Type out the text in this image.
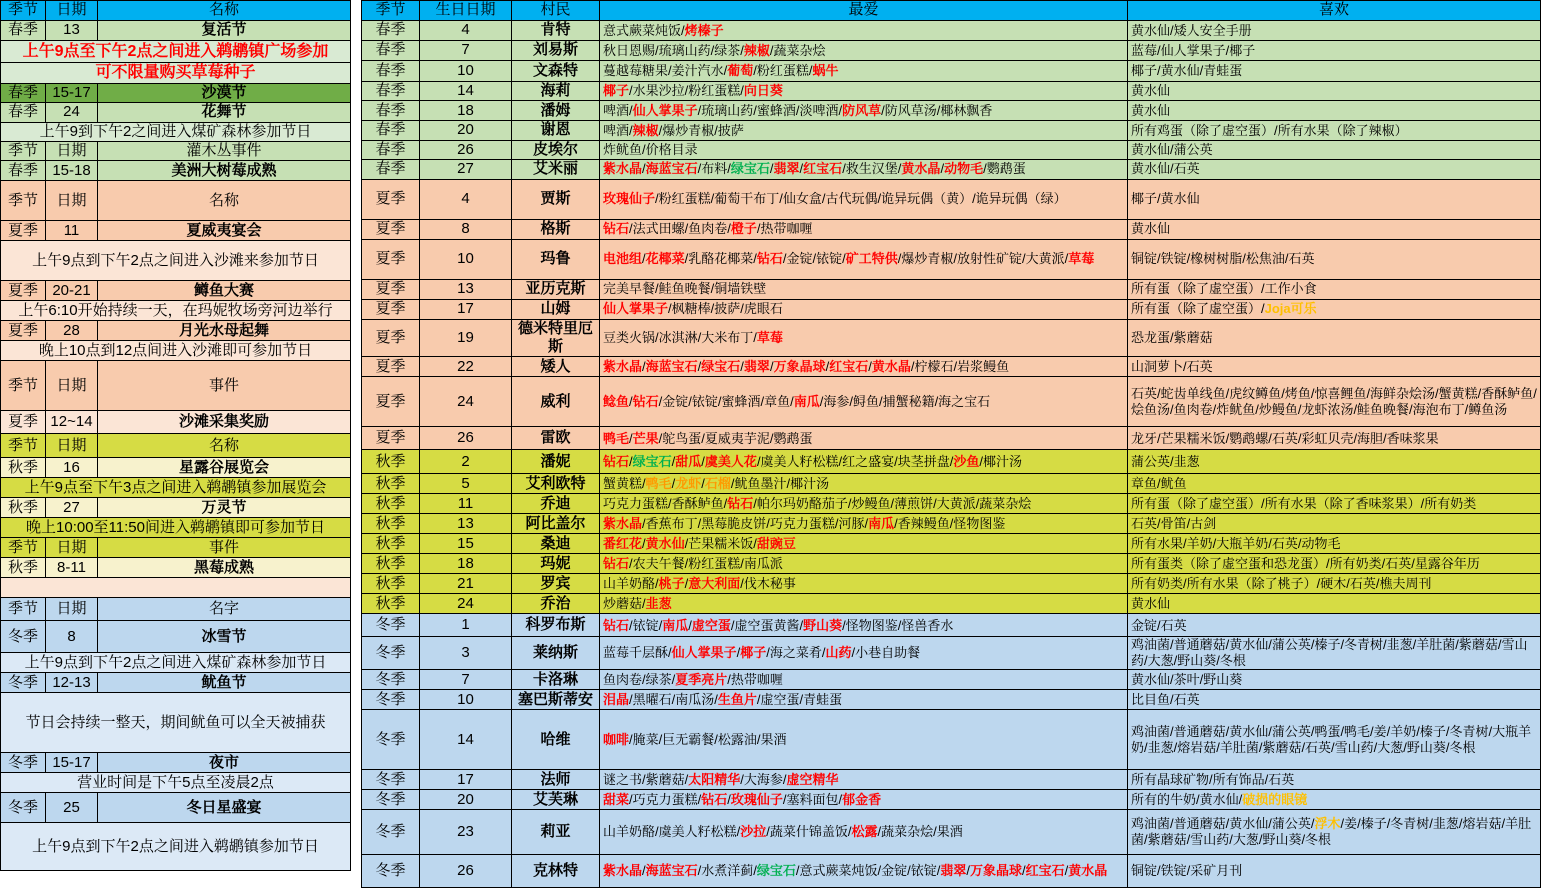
季节	日期	名称
春季	13	复活节
上午9点至下午2点之间进入鹈鹕镇广场参加		
可不限量购买草莓种子		
春季	15-17	沙漠节
春季	24	花舞节
上午9到下午2之间进入煤矿森林参加节日		
季节	日期	灌木丛事件
春季	15-18	美洲大树莓成熟
季节	日期	名称
夏季	11	夏威夷宴会
上午9点到下午2点之间进入沙滩来参加节日		
夏季	20-21	鳟鱼大赛
上午6:10开始持续一天，在玛妮牧场旁河边举行		
夏季	28	月光水母起舞
晚上10点到12点间进入沙滩即可参加节日		
季节	日期	事件
夏季	12~14	沙滩采集奖励
季节	日期	名称
秋季	16	星露谷展览会
上午9点至下午3点之间进入鹈鹕镇参加展览会		
秋季	27	万灵节
晚上10:00至11:50间进入鹈鹕镇即可参加节日		
季节	日期	事件
秋季	8-11	黑莓成熟

季节	日期	名字
冬季	8	冰雪节
上午9点到下午2点之间进入煤矿森林参加节日		
冬季	12-13	鱿鱼节
节日会持续一整天，期间鱿鱼可以全天被捕获		
冬季	15-17	夜市
营业时间是下午5点至凌晨2点		
冬季	25	冬日星盛宴
上午9点到下午2点之间进入鹈鹕镇参加节日		
季节	生日日期	村民	最爱	喜欢
春季	4	肯特	意式蕨菜炖饭/烤榛子	黄水仙/矮人安全手册
春季	7	刘易斯	秋日恩赐/琉璃山药/绿茶/辣椒/蔬菜杂烩	蓝莓/仙人掌果子/椰子
春季	10	文森特	蔓越莓糖果/姜汁汽水/葡萄/粉红蛋糕/蜗牛	椰子/黄水仙/青蛙蛋
春季	14	海莉	椰子/水果沙拉/粉红蛋糕/向日葵	黄水仙
春季	18	潘姆	啤酒/仙人掌果子/琉璃山药/蜜蜂酒/淡啤酒/防风草/防风草汤/椰林飘香	黄水仙
春季	20	谢恩	啤酒/辣椒/爆炒青椒/披萨	所有鸡蛋（除了虚空蛋）/所有水果（除了辣椒）
春季	26	皮埃尔	炸鱿鱼/价格目录	黄水仙/蒲公英
春季	27	艾米丽	紫水晶/海蓝宝石/布料/绿宝石/翡翠/红宝石/救生汉堡/黄水晶/动物毛/鹦鹉蛋	黄水仙/石英
夏季	4	贾斯	玫瑰仙子/粉红蛋糕/葡萄干布丁/仙女盒/古代玩偶/诡异玩偶（黄）/诡异玩偶（绿）	椰子/黄水仙
夏季	8	格斯	钻石/法式田螺/鱼肉卷/橙子/热带咖喱	黄水仙
夏季	10	玛鲁	电池组/花椰菜/乳酪花椰菜/钻石/金锭/铱锭/矿工特供/爆炒青椒/放射性矿锭/大黄派/草莓	铜锭/铁锭/橡树树脂/松焦油/石英
夏季	13	亚历克斯	完美早餐/鲑鱼晚餐/铜墙铁壁	所有蛋（除了虚空蛋）/工作小食
夏季	17	山姆	仙人掌果子/枫糖棒/披萨/虎眼石	所有蛋（除了虚空蛋）/Joja可乐
夏季	19	德米特里厄斯	豆类火锅/冰淇淋/大米布丁/草莓	恐龙蛋/紫蘑菇
夏季	22	矮人	紫水晶/海蓝宝石/绿宝石/翡翠/万象晶球/红宝石/黄水晶/柠檬石/岩浆鳗鱼	山洞萝卜/石英
夏季	24	威利	鲶鱼/钻石/金锭/铱锭/蜜蜂酒/章鱼/南瓜/海参/鲟鱼/捕蟹秘籍/海之宝石	石英/蛇齿单线鱼/虎纹鳟鱼/烤鱼/惊喜鲤鱼/海鲜杂烩汤/蟹黄糕/香酥鲈鱼/烩鱼汤/鱼肉卷/炸鱿鱼/炒鳗鱼/龙虾浓汤/鲑鱼晚餐/海泡布丁/鳟鱼汤
夏季	26	雷欧	鸭毛/芒果/鸵鸟蛋/夏威夷芋泥/鹦鹉蛋	龙牙/芒果糯米饭/鹦鹉螺/石英/彩虹贝壳/海胆/香味浆果
秋季	2	潘妮	钻石/绿宝石/甜瓜/虞美人花/虞美人籽松糕/红之盛宴/块茎拼盘/沙鱼/椰汁汤	蒲公英/韭葱
秋季	5	艾利欧特	蟹黄糕/鸭毛/龙虾/石榴/鱿鱼墨汁/椰汁汤	章鱼/鱿鱼
秋季	11	乔迪	巧克力蛋糕/香酥鲈鱼/钻石/帕尔玛奶酪茄子/炒鳗鱼/薄煎饼/大黄派/蔬菜杂烩	所有蛋（除了虚空蛋）/所有水果（除了香味浆果）/所有奶类
秋季	13	阿比盖尔	紫水晶/香蕉布丁/黑莓脆皮饼/巧克力蛋糕/河豚/南瓜/香辣鳗鱼/怪物图鉴	石英/骨笛/古剑
秋季	15	桑迪	番红花/黄水仙/芒果糯米饭/甜豌豆	所有水果/羊奶/大瓶羊奶/石英/动物毛
秋季	18	玛妮	钻石/农夫午餐/粉红蛋糕/南瓜派	所有蛋类（除了虚空蛋和恐龙蛋）/所有奶类/石英/星露谷年历
秋季	21	罗宾	山羊奶酪/桃子/意大利面/伐木秘事	所有奶类/所有水果（除了桃子）/硬木/石英/樵夫周刊
秋季	24	乔治	炒蘑菇/韭葱	黄水仙
冬季	1	科罗布斯	钻石/铱锭/南瓜/虚空蛋/虚空蛋黄酱/野山葵/怪物图鉴/怪兽香水	金锭/石英
冬季	3	莱纳斯	蓝莓千层酥/仙人掌果子/椰子/海之菜肴/山药/小巷自助餐	鸡油菌/普通蘑菇/黄水仙/蒲公英/榛子/冬青树/韭葱/羊肚菌/紫蘑菇/雪山药/大葱/野山葵/冬根
冬季	7	卡洛琳	鱼肉卷/绿茶/夏季亮片/热带咖喱	黄水仙/茶叶/野山葵
冬季	10	塞巴斯蒂安	泪晶/黑曜石/南瓜汤/生鱼片/虚空蛋/青蛙蛋	比目鱼/石英
冬季	14	哈维	咖啡/腌菜/巨无霸餐/松露油/果酒	鸡油菌/普通蘑菇/黄水仙/蒲公英/鸭蛋/鸭毛/姜/羊奶/榛子/冬青树/大瓶羊奶/韭葱/熔岩菇/羊肚菌/紫蘑菇/石英/雪山药/大葱/野山葵/冬根
冬季	17	法师	谜之书/紫蘑菇/太阳精华/大海参/虚空精华	所有晶球矿物/所有饰品/石英
冬季	20	艾芙琳	甜菜/巧克力蛋糕/钻石/玫瑰仙子/塞料面包/郁金香	所有的牛奶/黄水仙/破损的眼镜
冬季	23	莉亚	山羊奶酪/虞美人籽松糕/沙拉/蔬菜什锦盖饭/松露/蔬菜杂烩/果酒	鸡油菌/普通蘑菇/黄水仙/蒲公英/浮木/姜/榛子/冬青树/韭葱/熔岩菇/羊肚菌/紫蘑菇/雪山药/大葱/野山葵/冬根
冬季	26	克林特	紫水晶/海蓝宝石/水煮洋蓟/绿宝石/意式蕨菜炖饭/金锭/铱锭/翡翠/万象晶球/红宝石/黄水晶	铜锭/铁锭/采矿月刊
